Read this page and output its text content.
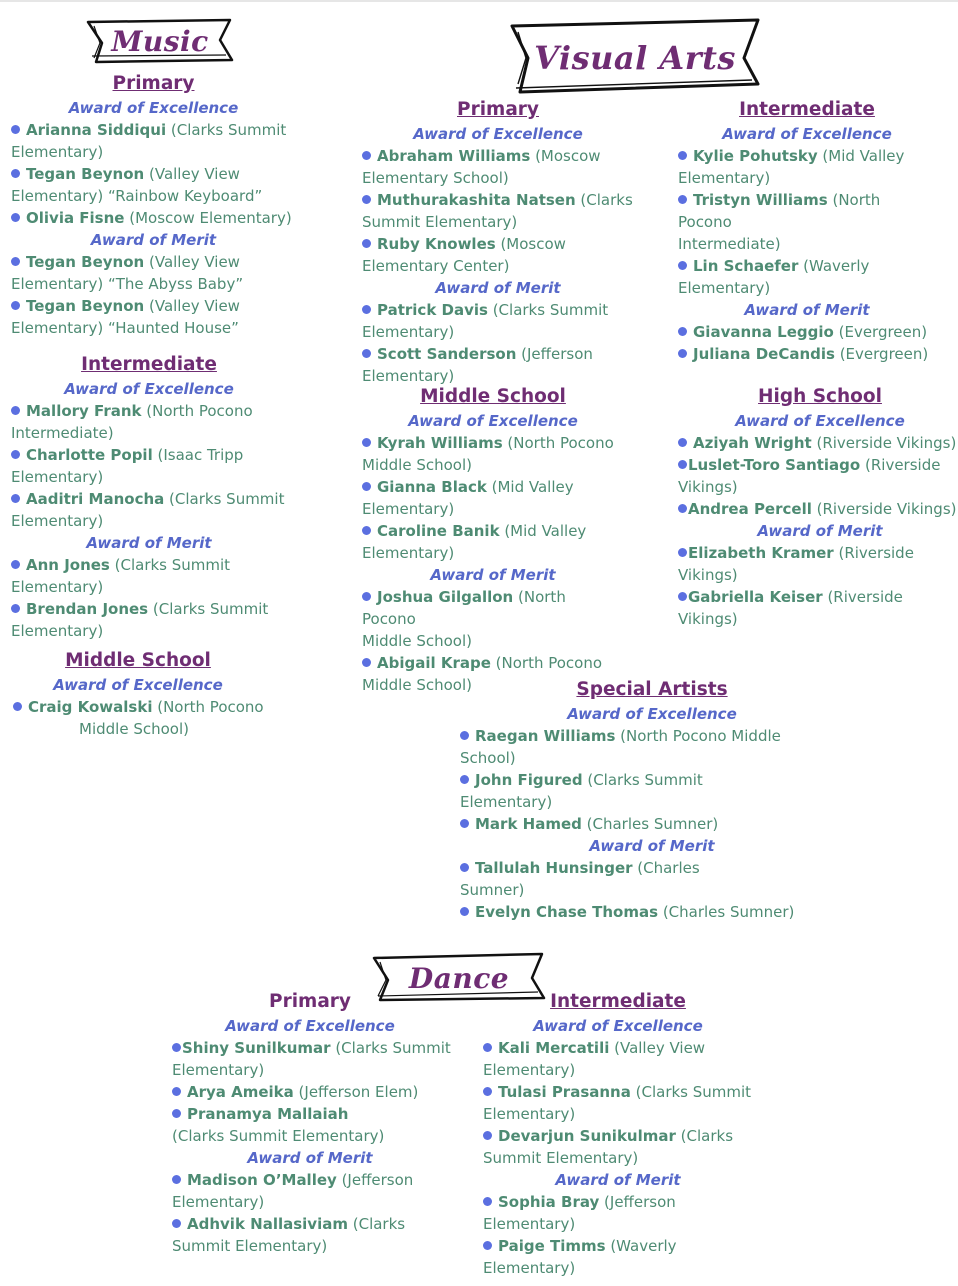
Music	Visual Arts
Dance
Primary
Award of Excellence
Arianna Siddiqui (Clarks Summit
Elementary)
Tegan Beynon (Valley View
Elementary) “Rainbow Keyboard”
Olivia Fisne (Moscow Elementary)
Award of Merit
Tegan Beynon (Valley View
Elementary) “The Abyss Baby”
Tegan Beynon (Valley View
Elementary) “Haunted House”
Intermediate
Award of Excellence
Mallory Frank (North Pocono
Intermediate)
Charlotte Popil (Isaac Tripp
Elementary)
Aaditri Manocha (Clarks Summit
Elementary)
Award of Merit
Ann Jones (Clarks Summit
Elementary)
Brendan Jones (Clarks Summit
Elementary)
Middle School
Award of Excellence
Craig Kowalski (North Pocono
Middle School)
Primary
Award of Excellence
Abraham Williams (Moscow
Elementary School)
Muthurakashita Natsen (Clarks
Summit Elementary)
Ruby Knowles (Moscow
Elementary Center)
Award of Merit
Patrick Davis (Clarks Summit
Elementary)
Scott Sanderson (Jefferson
Elementary)
Intermediate
Award of Excellence
Kylie Pohutsky (Mid Valley
Elementary)
Tristyn Williams (North
Pocono
Intermediate)
Lin Schaefer (Waverly
Elementary)
Award of Merit
Giavanna Leggio (Evergreen)
Juliana DeCandis (Evergreen)
Middle School
Award of Excellence
Kyrah Williams (North Pocono
Middle School)
Gianna Black (Mid Valley
Elementary)
Caroline Banik (Mid Valley
Elementary)
Award of Merit
Joshua Gilgallon (North
Pocono
Middle School)
Abigail Krape (North Pocono
Middle School)
High School
Award of Excellence
Aziyah Wright (Riverside Vikings)
Luslet-Toro Santiago (Riverside
Vikings)
Andrea Percell (Riverside Vikings)
Award of Merit
Elizabeth Kramer (Riverside
Vikings)
Gabriella Keiser (Riverside
Vikings)
Special Artists
Award of Excellence
Raegan Williams (North Pocono Middle
School)
John Figured (Clarks Summit
Elementary)
Mark Hamed (Charles Sumner)
Award of Merit
Tallulah Hunsinger (Charles
Sumner)
Evelyn Chase Thomas (Charles Sumner)
Primary
Award of Excellence
Shiny Sunilkumar (Clarks Summit
Elementary)
Arya Ameika (Jefferson Elem)
Pranamya Mallaiah
(Clarks Summit Elementary)
Award of Merit
Madison O’Malley (Jefferson
Elementary)
Adhvik Nallasiviam (Clarks
Summit Elementary)
Intermediate
Award of Excellence
Kali Mercatili (Valley View
Elementary)
Tulasi Prasanna (Clarks Summit
Elementary)
Devarjun Sunikulmar (Clarks
Summit Elementary)
Award of Merit
Sophia Bray (Jefferson
Elementary)
Paige Timms (Waverly
Elementary)
